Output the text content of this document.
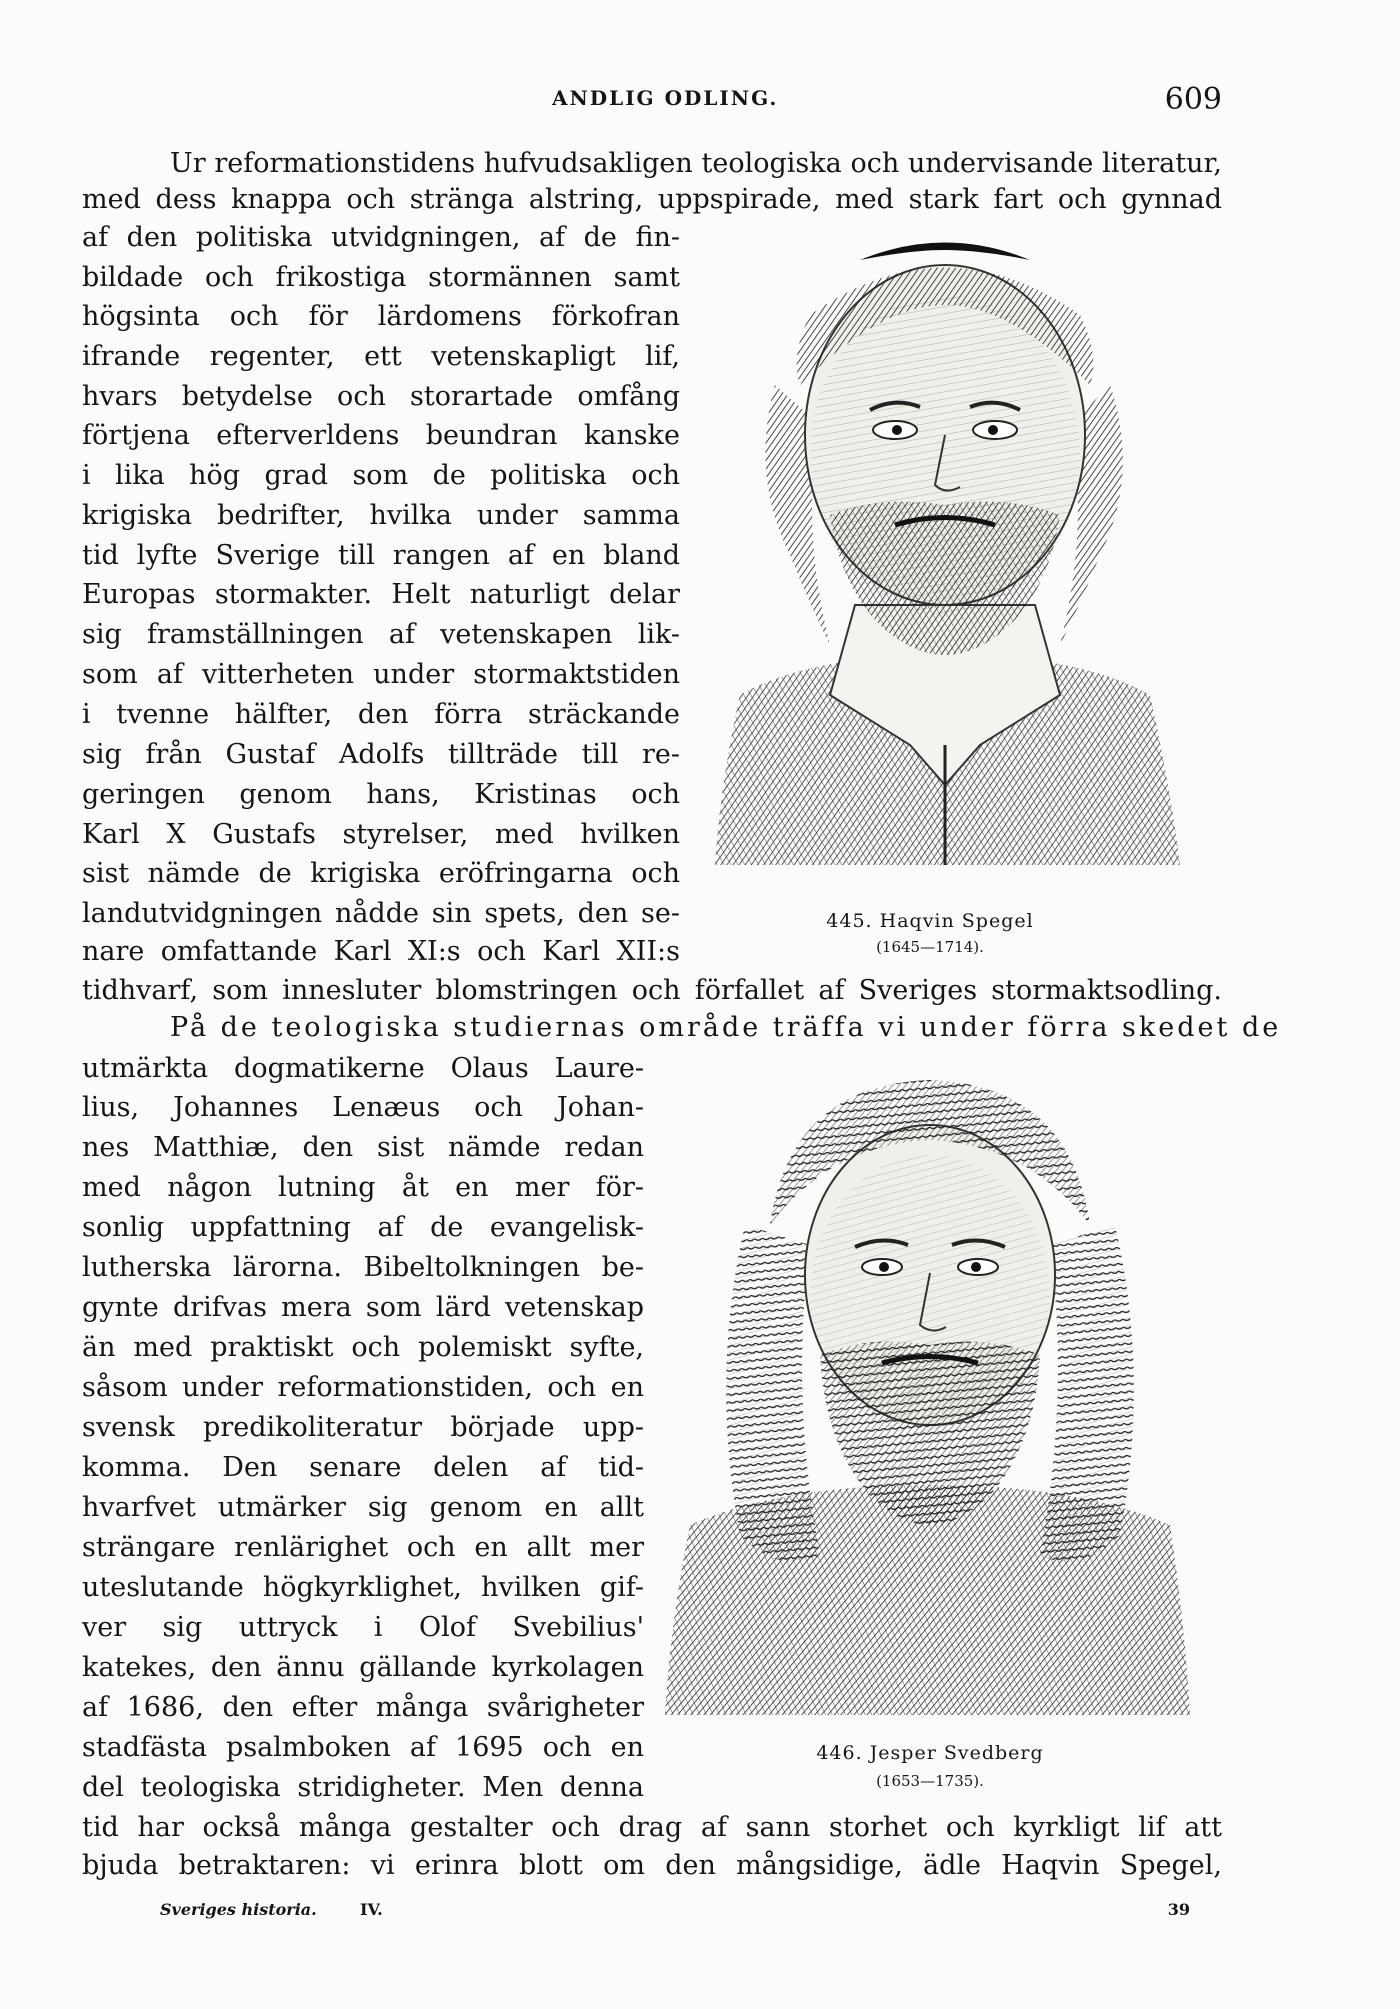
ANDLIG ODLING.	609
Ur reformationstidens hufvudsakligen teologiska och undervisande literatur,
med dess knappa och stränga alstring, uppspirade, med stark fart och gynnad
af den politiska utvidgningen, af de fin-
bildade och frikostiga stormännen samt
högsinta och för lärdomens förkofran
ifrande regenter, ett vetenskapligt lif,
hvars betydelse och storartade omfång
förtjena efterverldens beundran kanske
i lika hög grad som de politiska och
krigiska bedrifter, hvilka under samma
tid lyfte Sverige till rangen af en bland
Europas stormakter. Helt naturligt delar
sig framställningen af vetenskapen lik-
som af vitterheten under stormaktstiden
i tvenne hälfter, den förra sträckande
sig från Gustaf Adolfs tillträde till re-
geringen genom hans, Kristinas och
Karl X Gustafs styrelser, med hvilken
sist nämde de krigiska eröfringarna och
landutvidgningen nådde sin spets, den se-
nare omfattande Karl XI:s och Karl XII:s
tidhvarf, som innesluter blomstringen och förfallet af Sveriges stormaktsodling.
På de teologiska studiernas område träffa vi under förra skedet de
utmärkta dogmatikerne Olaus Laure-
lius, Johannes Lenæus och Johan-
nes Matthiæ, den sist nämde redan
med någon lutning åt en mer för-
sonlig uppfattning af de evangelisk-
lutherska lärorna. Bibeltolkningen be-
gynte drifvas mera som lärd vetenskap
än med praktiskt och polemiskt syfte,
såsom under reformationstiden, och en
svensk predikoliteratur började upp-
komma. Den senare delen af tid-
hvarfvet utmärker sig genom en allt
strängare renlärighet och en allt mer
uteslutande högkyrklighet, hvilken gif-
ver sig uttryck i Olof Svebilius'
katekes, den ännu gällande kyrkolagen
af 1686, den efter många svårigheter
stadfästa psalmboken af 1695 och en
del teologiska stridigheter. Men denna
tid har också många gestalter och drag af sann storhet och kyrkligt lif att
bjuda betraktaren: vi erinra blott om den mångsidige, ädle Haqvin Spegel,
445. Haqvin Spegel
(1645—1714).
446. Jesper Svedberg
(1653—1735).
Sveriges historia.	IV.	39
